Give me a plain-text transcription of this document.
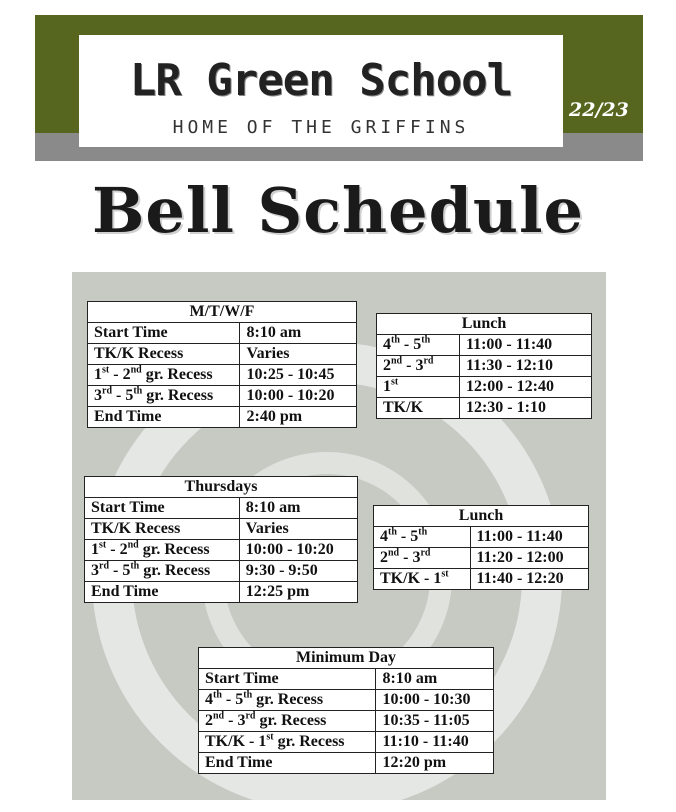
LR Green School
HOME OF THE GRIFFINS
22/23
Bell Schedule
M/T/W/F	
Start Time	8:10 am
TK/K Recess	Varies
1st - 2nd gr. Recess	10:25 - 10:45
3rd - 5th gr. Recess	10:00 - 10:20
End Time	2:40 pm
Lunch	
4th - 5th	11:00 - 11:40
2nd - 3rd	11:30 - 12:10
1st	12:00 - 12:40
TK/K	12:30 - 1:10
Thursdays	
Start Time	8:10 am
TK/K Recess	Varies
1st - 2nd gr. Recess	10:00 - 10:20
3rd - 5th gr. Recess	9:30 - 9:50
End Time	12:25 pm
Lunch	
4th - 5th	11:00 - 11:40
2nd - 3rd	11:20 - 12:00
TK/K - 1st	11:40 - 12:20
Minimum Day	
Start Time	8:10 am
4th - 5th gr. Recess	10:00 - 10:30
2nd - 3rd gr. Recess	10:35 - 11:05
TK/K - 1st gr. Recess	11:10 - 11:40
End Time	12:20 pm
